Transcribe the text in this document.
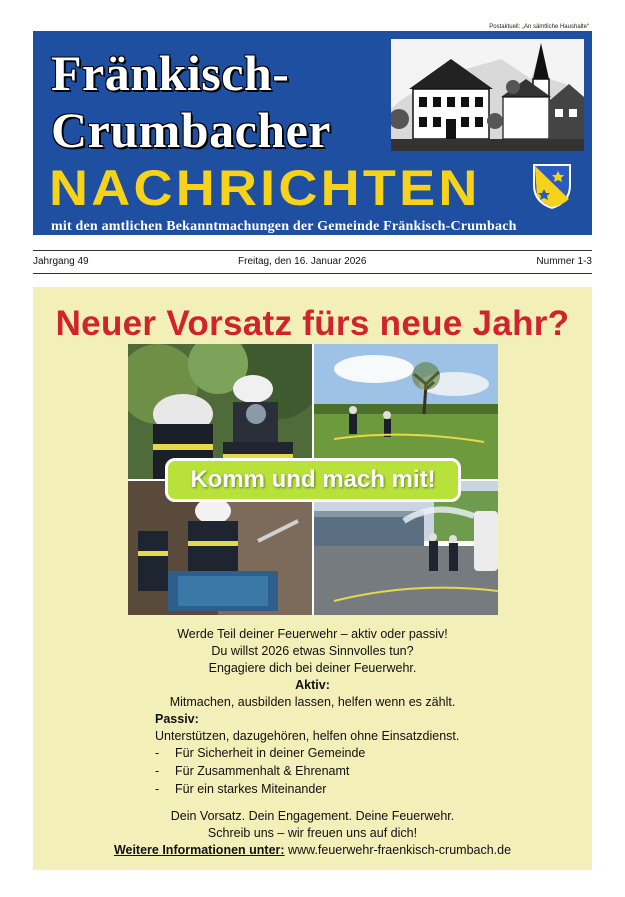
Postaktuell: „An sämtliche Haushalte“
Fränkisch-
Crumbacher
NACHRICHTEN
mit den amtlichen Bekanntmachungen der Gemeinde Fränkisch-Crumbach
Jahrgang 49	Freitag, den 16. Januar 2026	Nummer 1-3
Neuer Vorsatz fürs neue Jahr?
Komm und mach mit!
Werde Teil deiner Feuerwehr – aktiv oder passiv!
Du willst 2026 etwas Sinnvolles tun?
Engagiere dich bei deiner Feuerwehr.
Aktiv:
Mitmachen, ausbilden lassen, helfen wenn es zählt.
Passiv:
Unterstützen, dazugehören, helfen ohne Einsatzdienst.
- Für Sicherheit in deiner Gemeinde
- Für Zusammenhalt & Ehrenamt
- Für ein starkes Miteinander
Dein Vorsatz. Dein Engagement. Deine Feuerwehr.
Schreib uns – wir freuen uns auf dich!
Weitere Informationen unter: www.feuerwehr-fraenkisch-crumbach.de
